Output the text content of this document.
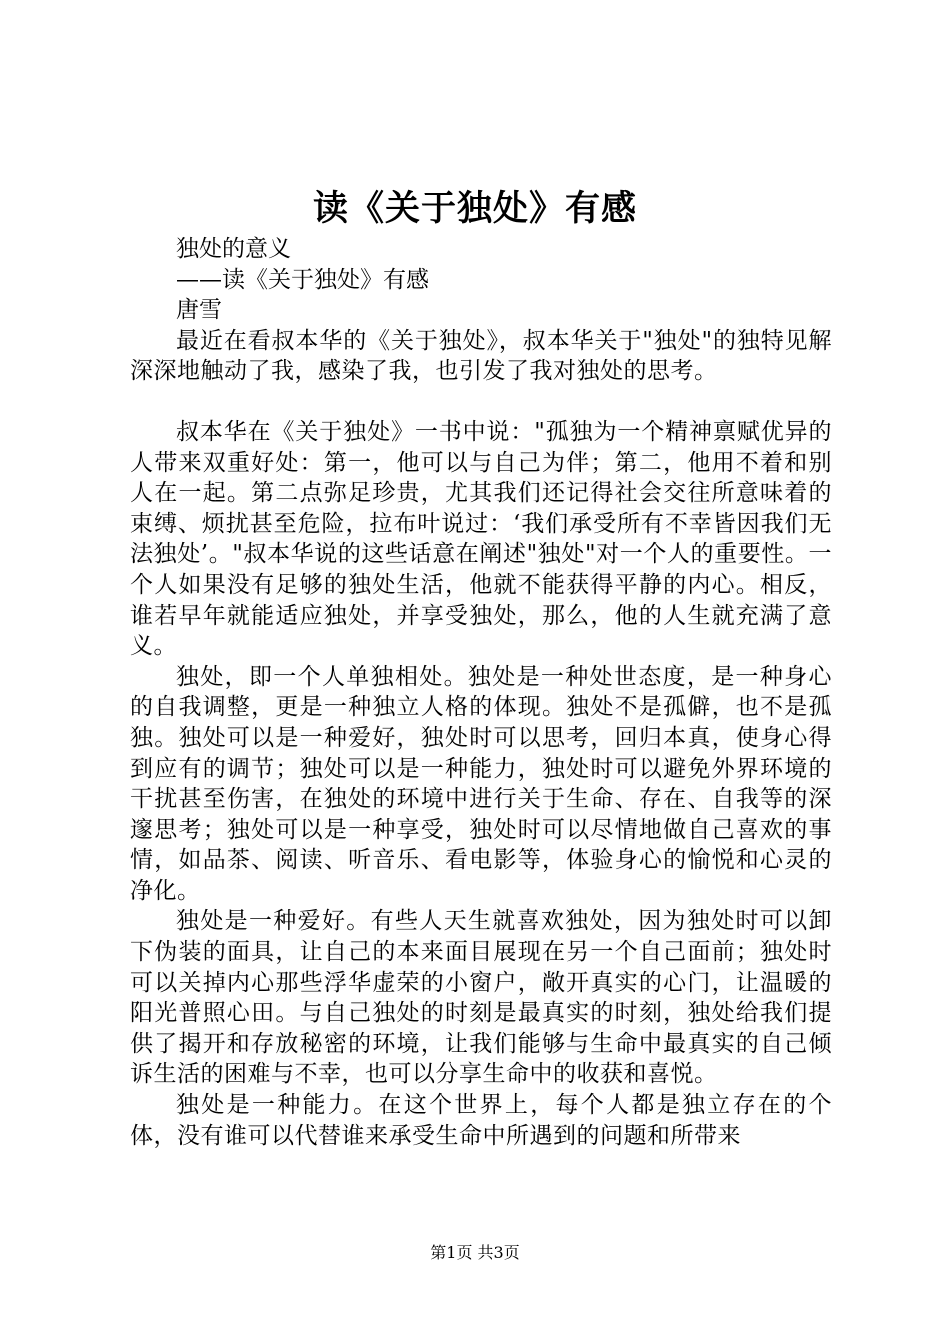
读《关于独处》有感

独处的意义

——读《关于独处》有感

唐雪

最近在看叔本华的《关于独处》，叔本华关于"独处"的独特见解深深地触动了我，感染了我，也引发了我对独处的思考。

叔本华在《关于独处》一书中说："孤独为一个精神禀赋优异的人带来双重好处：第一，他可以与自己为伴；第二，他用不着和别人在一起。第二点弥足珍贵，尤其我们还记得社会交往所意味着的束缚、烦扰甚至危险，拉布叶说过：‘我们承受所有不幸皆因我们无法独处’。"叔本华说的这些话意在阐述"独处"对一个人的重要性。一个人如果没有足够的独处生活，他就不能获得平静的内心。相反，谁若早年就能适应独处，并享受独处，那么，他的人生就充满了意义。

独处，即一个人单独相处。独处是一种处世态度，是一种身心的自我调整，更是一种独立人格的体现。独处不是孤僻，也不是孤独。独处可以是一种爱好，独处时可以思考，回归本真，使身心得到应有的调节；独处可以是一种能力，独处时可以避免外界环境的干扰甚至伤害，在独处的环境中进行关于生命、存在、自我等的深邃思考；独处可以是一种享受，独处时可以尽情地做自己喜欢的事情，如品茶、阅读、听音乐、看电影等，体验身心的愉悦和心灵的净化。

独处是一种爱好。有些人天生就喜欢独处，因为独处时可以卸下伪装的面具，让自己的本来面目展现在另一个自己面前；独处时可以关掉内心那些浮华虚荣的小窗户，敞开真实的心门，让温暖的阳光普照心田。与自己独处的时刻是最真实的时刻，独处给我们提供了揭开和存放秘密的环境，让我们能够与生命中最真实的自己倾诉生活的困难与不幸，也可以分享生命中的收获和喜悦。

独处是一种能力。在这个世界上，每个人都是独立存在的个体，没有谁可以代替谁来承受生命中所遇到的问题和所带来

第1页 共3页
